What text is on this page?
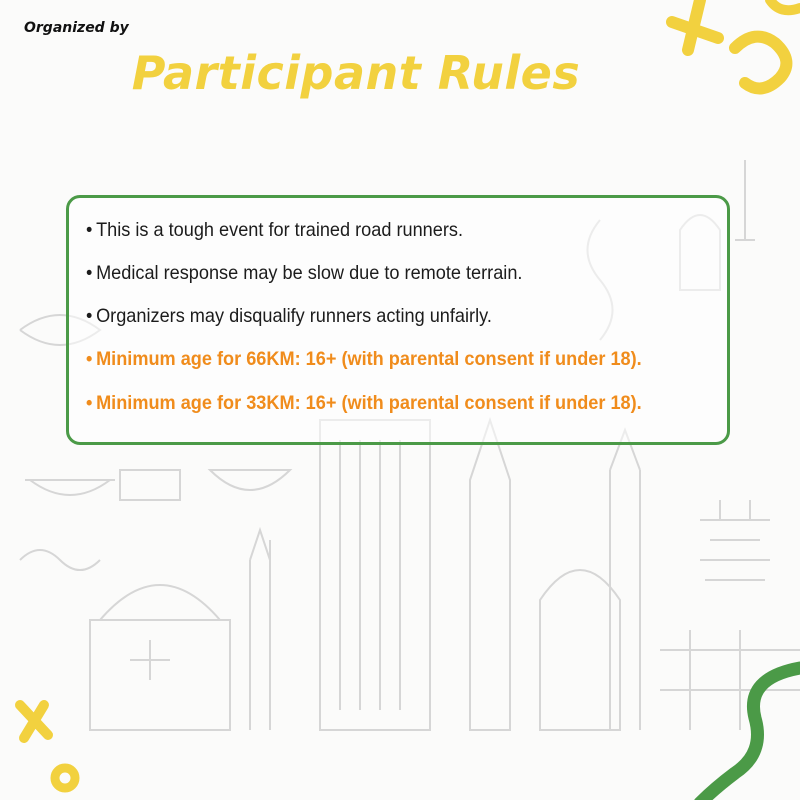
Organized by
Participant Rules
• This is a tough event for trained road runners.
• Medical response may be slow due to remote terrain.
• Organizers may disqualify runners acting unfairly.
• Minimum age for 66KM: 16+ (with parental consent if under 18).
• Minimum age for 33KM: 16+ (with parental consent if under 18).
